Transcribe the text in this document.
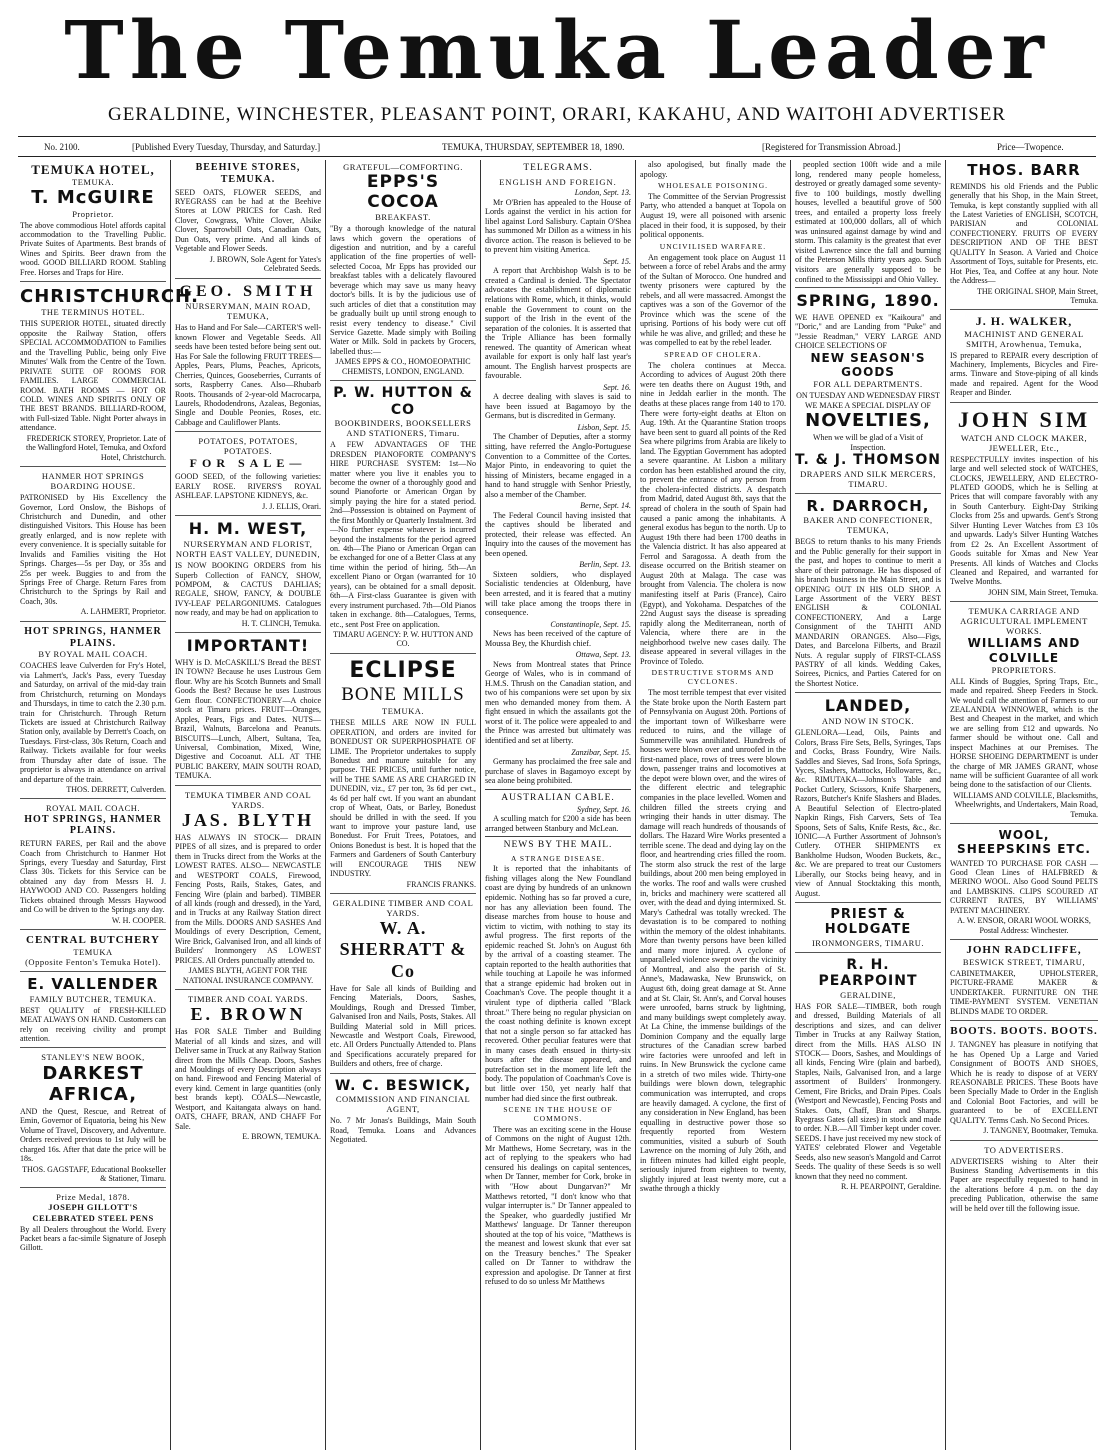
The Temuka Leader
GERALDINE, WINCHESTER, PLEASANT POINT, ORARI, KAKAHU, AND WAITOHI ADVERTISER
No. 2100.	[Published Every Tuesday, Thursday, and Saturday.]	TEMUKA, THURSDAY, SEPTEMBER 18, 1890.	[Registered for Transmission Abroad.]	Price—Twopence.
TEMUKA HOTEL,
TEMUKA.
T. McGUIRE
Proprietor.
The above commodious Hotel affords capital accommodation to the Travelling Public. Private Suites of Apartments. Best brands of Wines and Spirits. Beer drawn from the wood. GOOD BILLIARD ROOM. Stabling Free. Horses and Traps for Hire.
CHRISTCHURCH.
THE TERMINUS HOTEL.
THIS SUPERIOR HOTEL, situated directly opposite the Railway Station, offers SPECIAL ACCOMMODATION to Families and the Travelling Public, being only Five Minutes' Walk from the Centre of the Town. PRIVATE SUITE OF ROOMS FOR FAMILIES. LARGE COMMERCIAL ROOM. BATH ROOMS — HOT OR COLD. WINES AND SPIRITS ONLY OF THE BEST BRANDS. BILLIARD-ROOM, with Full-sized Table. Night Porter always in attendance.
FREDERICK STOREY, Proprietor. Late of the Wallingford Hotel, Temuka, and Oxford Hotel, Christchurch.
HANMER HOT SPRINGS BOARDING HOUSE.
PATRONISED by His Excellency the Governor, Lord Onslow, the Bishops of Christchurch and Dunedin, and other distinguished Visitors. This House has been greatly enlarged, and is now replete with every convenience. It is specially suitable for Invalids and Families visiting the Hot Springs. Charges—5s per Day, or 35s and 25s per week. Buggies to and from the Springs Free of Charge. Return Fares from Christchurch to the Springs by Rail and Coach, 30s.
A. LAHMERT, Proprietor.
HOT SPRINGS, HANMER PLAINS.
BY ROYAL MAIL COACH.
COACHES leave Culverden for Fry's Hotel, via Lahmert's, Jack's Pass, every Tuesday and Saturday, on arrival of the mid-day train from Christchurch, returning on Mondays and Thursdays, in time to catch the 2.30 p.m. train for Christchurch. Through Return Tickets are issued at Christchurch Railway Station only, available by Derrett's Coach, on Tuesdays. First-class, 30s Return, Coach and Railway. Tickets available for four weeks from Thursday after date of issue. The proprietor is always in attendance on arrival and departure of the train.
THOS. DERRETT, Culverden.
ROYAL MAIL COACH.
HOT SPRINGS, HANMER PLAINS.
RETURN FARES, per Rail and the above Coach from Christchurch to Hanmer Hot Springs, every Tuesday and Saturday, First Class 30s. Tickets for this Service can be obtained any day from Messrs H. J. HAYWOOD AND CO. Passengers holding Tickets obtained through Messrs Haywood and Co will be driven to the Springs any day.
W. H. COOPER.
CENTRAL BUTCHERY
TEMUKA
(Opposite Fenton's Temuka Hotel).
E. VALLENDER
FAMILY BUTCHER, TEMUKA.
BEST QUALITY of FRESH-KILLED MEAT ALWAYS ON HAND. Customers can rely on receiving civility and prompt attention.
STANLEY'S NEW BOOK,
DARKEST
AFRICA,
AND the Quest, Rescue, and Retreat of Emin, Governor of Equatoria, being his New Volume of Travel, Discovery, and Adventure. Orders received previous to 1st July will be charged 16s. After that date the price will be 18s.
THOS. GAGSTAFF, Educational Bookseller & Stationer, Timaru.
Prize Medal, 1878.
JOSEPH GILLOTT'S CELEBRATED STEEL PENS
By all Dealers throughout the World. Every Packet bears a fac-simile Signature of Joseph Gillott.
BEEHIVE STORES, TEMUKA.
SEED OATS, FLOWER SEEDS, and RYEGRASS can be had at the Beehive Stores at LOW PRICES for Cash. Red Clover, Cowgrass, White Clover, Alsike Clover, Sparrowbill Oats, Canadian Oats, Dun Oats, very prime. And all kinds of Vegetable and Flower Seeds.
J. BROWN, Sole Agent for Yates's Celebrated Seeds.
GEO. SMITH
NURSERYMAN, MAIN ROAD, TEMUKA,
Has to Hand and For Sale—CARTER'S well-known Flower and Vegetable Seeds. All seeds have been tested before being sent out. Has For Sale the following FRUIT TREES— Apples, Pears, Plums, Peaches, Apricots, Cherries, Quinces, Gooseberries, Currants of sorts, Raspberry Canes. Also—Rhubarb Roots. Thousands of 2-year-old Macrocarpa, Laurels, Rhododendrons, Azaleas, Begonias, Single and Double Peonies, Roses, etc. Cabbage and Cauliflower Plants.
POTATOES, POTATOES, POTATOES.
FOR SALE—
GOOD SEED, of the following varieties: EARLY ROSE. RIVERS'S ROYAL ASHLEAF. LAPSTONE KIDNEYS, &c.
J. J. ELLIS, Orari.
H. M. WEST,
NURSERYMAN AND FLORIST, NORTH EAST VALLEY, DUNEDIN,
IS NOW BOOKING ORDERS from his Superb Collection of FANCY, SHOW, POMPOM, & CACTUS DAHLIAS; REGALE, SHOW, FANCY, & DOUBLE IVY-LEAF PELARGONIUMS. Catalogues now ready, and may be had on application to
H. T. CLINCH, Temuka.
IMPORTANT!
WHY is D. McCASKILL'S Bread the BEST IN TOWN? Because he uses Lustrous Gem flour. Why are his Scotch Bunnets and Small Goods the Best? Because he uses Lustrous Gem flour. CONFECTIONERY—A choice stock at Timaru prices. FRUIT—Oranges, Apples, Pears, Figs and Dates. NUTS—Brazil, Walnuts, Barcelona and Peanuts. BISCUITS—Lunch, Albert, Sultana, Tea, Universal, Combination, Mixed, Wine, Digestive and Cocoanut. ALL AT THE PUBLIC BAKERY, MAIN SOUTH ROAD, TEMUKA.
TEMUKA TIMBER AND COAL YARDS.
JAS. BLYTH
HAS ALWAYS IN STOCK— DRAIN PIPES of all sizes, and is prepared to order them in Trucks direct from the Works at the LOWEST RATES. ALSO— NEWCASTLE and WESTPORT COALS, Firewood, Fencing Posts, Rails, Stakes, Gates, and Fencing Wire (plain and barbed). TIMBER of all kinds (rough and dressed), in the Yard, and in Trucks at any Railway Station direct from the Mills. DOORS AND SASHES And Mouldings of every Description, Cement, Wire Brick, Galvanised Iron, and all kinds of Builders' Ironmongery AS LOWEST PRICES. All Orders punctually attended to.
JAMES BLYTH, AGENT FOR THE NATIONAL INSURANCE COMPANY.
TIMBER AND COAL YARDS.
E. BROWN
Has FOR SALE Timber and Building Material of all kinds and sizes, and will Deliver same in Truck at any Railway Station direct from the Mills Cheap. Doors, Sashes and Mouldings of every Description always on hand. Firewood and Fencing Material of every kind. Cement in large quantities (only best brands kept). COALS—Newcastle, Westport, and Kaitangata always on hand. OATS, CHAFF, BRAN, AND CHAFF For Sale.
E. BROWN, TEMUKA.
GRATEFUL—COMFORTING.
EPPS'S COCOA
BREAKFAST.
"By a thorough knowledge of the natural laws which govern the operations of digestion and nutrition, and by a careful application of the fine properties of well-selected Cocoa, Mr Epps has provided our breakfast tables with a delicately flavoured beverage which may save us many heavy doctor's bills. It is by the judicious use of such articles of diet that a constitution may be gradually built up until strong enough to resist every tendency to disease." Civil Service Gazette. Made simply with Boiling Water or Milk. Sold in packets by Grocers, labelled thus:—
JAMES EPPS & CO., HOMOEOPATHIC CHEMISTS, LONDON, ENGLAND.
P. W. HUTTON & CO
BOOKBINDERS, BOOKSELLERS AND STATIONERS, Timaru.
A FEW ADVANTAGES OF THE DRESDEN PIANOFORTE COMPANY'S HIRE PURCHASE SYSTEM: 1st—No matter where you live it enables you to become the owner of a thoroughly good and sound Pianoforte or American Organ by simply paying the hire for a stated period. 2nd—Possession is obtained on Payment of the first Monthly or Quarterly Instalment. 3rd—No further expense whatever is incurred beyond the instalments for the period agreed on. 4th—The Piano or American Organ can be exchanged for one of a Better Class at any time within the period of hiring. 5th—An excellent Piano or Organ (warranted for 10 years), can be obtained for a small deposit. 6th—A First-class Guarantee is given with every instrument purchased. 7th—Old Pianos taken in exchange. 8th—Catalogues, Terms, etc., sent Post Free on application.
TIMARU AGENCY: P. W. HUTTON AND CO.
ECLIPSE
BONE MILLS
TEMUKA.
THESE MILLS ARE NOW IN FULL OPERATION, and orders are invited for BONEDUST OR SUPERPHOSPHATE OF LIME. The Proprietor undertakes to supply Bonedust and manure suitable for any purpose. THE PRICES, until further notice, will be THE SAME AS ARE CHARGED IN DUNEDIN, viz., £7 per ton, 3s 6d per cwt., 4s 6d per half cwt. If you want an abundant crop of Wheat, Oats, or Barley, Bonedust should be drilled in with the seed. If you want to improve your pasture land, use Bonedust. For Fruit Trees, Potatoes, and Onions Bonedust is best. It is hoped that the Farmers and Gardeners of South Canterbury will ENCOURAGE THIS NEW INDUSTRY.
FRANCIS FRANKS.
GERALDINE TIMBER AND COAL YARDS.
W. A. SHERRATT & Co
Have for Sale all kinds of Building and Fencing Materials, Doors, Sashes, Mouldings, Rough and Dressed Timber, Galvanised Iron and Nails, Posts, Stakes. All Building Material sold in Mill prices. Newcastle and Westport Coals, Firewood, etc. All Orders Punctually Attended to. Plans and Specifications accurately prepared for Builders and others, free of charge.
W. C. BESWICK,
COMMISSION AND FINANCIAL AGENT,
No. 7 Mr Jonas's Buildings, Main South Road, Temuka. Loans and Advances Negotiated.
TELEGRAMS.
ENGLISH AND FOREIGN.
London, Sept. 13.
Mr O'Brien has appealed to the House of Lords against the verdict in his action for libel against Lord Salisbury. Captain O'Shea has summoned Mr Dillon as a witness in his divorce action. The reason is believed to be to prevent him visiting America.
Sept. 15.
A report that Archbishop Walsh is to be created a Cardinal is denied. The Spectator advocates the establishment of diplomatic relations with Rome, which, it thinks, would enable the Government to count on the support of the Irish in the event of the separation of the colonies. It is asserted that the Triple Alliance has been formally renewed. The quantity of American wheat available for export is only half last year's amount. The English harvest prospects are favourable.
Sept. 16.
A decree dealing with slaves is said to have been issued at Bagamoyo by the Germans, but is discredited in Germany.
Lisbon, Sept. 15.
The Chamber of Deputies, after a stormy sitting, have referred the Anglo-Portuguese Convention to a Committee of the Cortes. Major Pinto, in endeavoring to quiet the hissing of Ministers, became engaged in a hand to hand struggle with Senhor Priestly, also a member of the Chamber.
Berne, Sept. 14.
The Federal Council having insisted that the captives should be liberated and protected, their release was effected. An Inquiry into the causes of the movement has been opened.
Berlin, Sept. 13.
Sixteen soldiers, who displayed Socialistic tendencies at Oldenburg, have been arrested, and it is feared that a mutiny will take place among the troops there in consequence.
Constantinople, Sept. 15.
News has been received of the capture of Moussa Bey, the Khurdish chief.
Ottawa, Sept. 13.
News from Montreal states that Prince George of Wales, who is in command of H.M.S. Thrush on the Canadian station, and two of his companions were set upon by six men who demanded money from them. A fight ensued in which the assailants got the worst of it. The police were appealed to and the Prince was arrested but ultimately was identified and set at liberty.
Zanzibar, Sept. 15.
Germany has proclaimed the free sale and purchase of slaves in Bagamoyo except by sea alone being prohibited.
AUSTRALIAN CABLE.
Sydney, Sept. 16.
A sculling match for £200 a side has been arranged between Stanbury and McLean.
NEWS BY THE MAIL.
A STRANGE DISEASE.
It is reported that the inhabitants of fishing villages along the New Foundland coast are dying by hundreds of an unknown epidemic. Nothing has so far proved a cure, nor has any alleviation been found. The disease marches from house to house and victim to victim, with nothing to stay its awful progress. The first reports of the epidemic reached St. John's on August 6th by the arrival of a coasting steamer. The captain reported to the health authorities that while touching at Lapoile he was informed that a strange epidemic had broken out in Coachman's Cove. The people thought it a virulent type of diptheria called "Black throat." There being no regular physician on the coast nothing definite is known except that not a single person so far attacked has recovered. Other peculiar features were that in many cases death ensued in thirty-six hours after the disease appeared, and putrefaction set in the moment life left the body. The population of Coachman's Cove is but little over 150, yet nearly half that number had died since the first outbreak.
SCENE IN THE HOUSE OF COMMONS.
There was an exciting scene in the House of Commons on the night of August 12th. Mr Matthews, Home Secretary, was in the act of replying to the speakers who had censured his dealings on capital sentences, when Dr Tanner, member for Cork, broke in with "How about Dungarvan?" Mr Matthews retorted, "I don't know who that vulgar interrupter is." Dr Tanner appealed to the Speaker, who guardedly justified Mr Matthews' language. Dr Tanner thereupon shouted at the top of his voice, "Matthews is the meanest and lowest skunk that ever sat on the Treasury benches." The Speaker called on Dr Tanner to withdraw the expression and apologise. Dr Tanner at first refused to do so unless Mr Matthews
also apologised, but finally made the apology.
WHOLESALE POISONING.
The Committee of the Servian Progressist Party, who attended a banquet at Topola on August 19, were all poisoned with arsenic placed in their food, it is supposed, by their political opponents.
UNCIVILISED WARFARE.
An engagement took place on August 11 between a force of rebel Arabs and the army of the Sultan of Morocco. One hundred and twenty prisoners were captured by the rebels, and all were massacred. Amongst the captives was a son of the Governor of the Province which was the scene of the uprising. Portions of his body were cut off while he was alive, and grilled; and these he was compelled to eat by the rebel leader.
SPREAD OF CHOLERA.
The cholera continues at Mecca. According to advices of August 20th there were ten deaths there on August 19th, and nine in Jeddah earlier in the month. The deaths at these places range from 140 to 170. There were forty-eight deaths at Elton on Aug. 19th. At the Quarantine Station troops have been sent to guard all points of the Red Sea where pilgrims from Arabia are likely to land. The Egyptian Government has adopted a severe quarantine. At Lisbon a military cordon has been established around the city, to prevent the entrance of any person from the cholera-infected districts. A despatch from Madrid, dated August 8th, says that the spread of cholera in the south of Spain had caused a panic among the inhabitants. A general exodus has begun to the north. Up to August 19th there had been 1700 deaths in the Valencia district. It has also appeared at Ferrol and Saragossa. A death from the disease occurred on the British steamer on August 20th at Malaga. The case was brought from Valencia. The cholera is now manifesting itself at Paris (France), Cairo (Egypt), and Yokohama. Despatches of the 22nd August says the disease is spreading rapidly along the Mediterranean, north of Valencia, where there are in the neighborhood twelve new cases daily. The disease appeared in several villages in the Province of Toledo.
DESTRUCTIVE STORMS AND CYCLONES.
The most terrible tempest that ever visited the State broke upon the North Eastern part of Pennsylvania on August 20th. Portions of the important town of Wilkesbarre were reduced to ruins, and the village of Summerville was annihilated. Hundreds of houses were blown over and unroofed in the first-named place, rows of trees were blown down, passenger trains and locomotives at the depot were blown over, and the wires of the different electric and telegraphic companies in the place levelled. Women and children filled the streets crying and wringing their hands in utter dismay. The damage will reach hundreds of thousands of dollars. The Hazard Wire Works presented a terrible scene. The dead and dying lay on the floor, and heartrending cries filled the room. The storm also struck the rest of the large buildings, about 200 men being employed in the works. The roof and walls were crushed in, bricks and machinery were scattered all over, with the dead and dying intermixed. St. Mary's Cathedral was totally wrecked. The devastation is to be compared to nothing within the memory of the oldest inhabitants. More than twenty persons have been killed and many more injured. A cyclone of unparalleled violence swept over the vicinity of Montreal, and also the parish of St. Anne's, Madawaska, New Brunswick, on August 6th, doing great damage at St. Anne and at St. Clair, St. Ann's, and Corval houses were unroofed, barns struck by lightning, and many buildings swept completely away. At La Chine, the immense buildings of the Dominion Company and the equally large structures of the Canadian screw barbed wire factories were unroofed and left in ruins. In New Brunswick the cyclone came in a stretch of two miles wide. Thirty-one buildings were blown down, telegraphic communication was interrupted, and crops are heavily damaged. A cyclone, the first of any consideration in New England, has been equalling in destructive power those so frequently reported from Western communities, visited a suburb of South Lawrence on the morning of July 26th, and in fifteen minutes had killed eight people, seriously injured from eighteen to twenty, slightly injured at least twenty more, cut a swathe through a thickly
peopled section 100ft wide and a mile long, rendered many people homeless, destroyed or greatly damaged some seventy-five to 100 buildings, mostly dwelling houses, levelled a beautiful grove of 500 trees, and entailed a property loss freely estimated at 100,000 dollars, all of which was uninsured against damage by wind and storm. This calamity is the greatest that ever visited Lawrence since the fall and burning of the Peterson Mills thirty years ago. Such visitors are generally supposed to be confined to the Mississippi and Ohio Valley.
SPRING, 1890.
WE HAVE OPENED ex "Kaikoura" and "Doric," and are Landing from "Puke" and "Jessie Readman," VERY LARGE AND CHOICE SELECTIONS OF
NEW SEASON'S GOODS
FOR ALL DEPARTMENTS.
ON TUESDAY AND WEDNESDAY FIRST WE MAKE A SPECIAL DISPLAY OF
NOVELTIES,
When we will be glad of a Visit of Inspection.
T. & J. THOMSON
DRAPERS AND SILK MERCERS, TIMARU.
R. DARROCH,
BAKER AND CONFECTIONER, TEMUKA,
BEGS to return thanks to his many Friends and the Public generally for their support in the past, and hopes to continue to merit a share of their patronage. He has disposed of his branch business in the Main Street, and is OPENING OUT IN HIS OLD SHOP. A Large Assortment of the VERY BEST ENGLISH & COLONIAL CONFECTIONERY, And a Large Consignment of the TAHITI AND MANDARIN ORANGES. Also—Figs, Dates, and Barcelona Filberts, and Brazil Nuts. A regular supply of FIRST-CLASS PASTRY of all kinds. Wedding Cakes, Soirees, Picnics, and Parties Catered for on the Shortest Notice.
LANDED,
AND NOW IN STOCK.
GLENLORA—Lead, Oils, Paints and Colors, Brass Fire Sets, Bells, Syringes, Taps and Cocks, Brass Foundry, Wire Nails. Saddles and Sieves, Sad Irons, Sofa Springs, Vyces, Slashers, Mattocks, Hollowares, &c., &c. RIMUTAKA—Johnson's Table and Pocket Cutlery, Scissors, Knife Sharpeners, Razors, Butcher's Knife Slashers and Blades. A Beautiful Selection of Electro-plated Napkin Rings, Fish Carvers, Sets of Tea Spoons, Sets of Salts, Knife Rests, &c., &c. IONIC—A Further Assortment of Johnson's Cutlery. OTHER SHIPMENTS ex Bankholme Hudson, Wooden Buckets, &c., &c. We are prepared to treat our Customers Liberally, our Stocks being heavy, and in view of Annual Stocktaking this month, August.
PRIEST & HOLDGATE
IRONMONGERS, TIMARU.
R. H. PEARPOINT
GERALDINE,
HAS FOR SALE—TIMBER, both rough and dressed, Building Materials of all descriptions and sizes, and can deliver Timber in Trucks at any Railway Station, direct from the Mills. HAS ALSO IN STOCK— Doors, Sashes, and Mouldings of all kinds, Fencing Wire (plain and barbed), Staples, Nails, Galvanised Iron, and a large assortment of Builders' Ironmongery. Cement, Fire Bricks, and Drain Pipes. Coals (Westport and Newcastle), Fencing Posts and Stakes. Oats, Chaff, Bran and Sharps. Ryegrass Gates (all sizes) in stock and made to order. N.B.—All Timber kept under cover. SEEDS. I have just received my new stock of YATES' celebrated Flower and Vegetable Seeds, also new season's Mangold and Carrot Seeds. The quality of these Seeds is so well known that they need no comment.
R. H. PEARPOINT, Geraldine.
THOS. BARR
REMINDS his old Friends and the Public generally that his Shop, in the Main Street, Temuka, is kept constantly supplied with all the Latest Varieties of ENGLISH, SCOTCH, PARISIAN and COLONIAL CONFECTIONERY. FRUITS OF EVERY DESCRIPTION AND OF THE BEST QUALITY In Season. A Varied and Choice Assortment of Toys, suitable for Presents, etc. Hot Pies, Tea, and Coffee at any hour. Note the Address—
THE ORIGINAL SHOP, Main Street, Temuka.
J. H. WALKER,
MACHINIST AND GENERAL SMITH, Arowhenua, Temuka,
IS prepared to REPAIR every description of Machinery, Implements, Bicycles and Fire-arms. Tinware and Stove-piping of all kinds made and repaired. Agent for the Wood Reaper and Binder.
JOHN SIM
WATCH AND CLOCK MAKER, JEWELLER, Etc.,
RESPECTFULLY invites inspection of his large and well selected stock of WATCHES, CLOCKS, JEWELLERY, AND ELECTRO-PLATED GOODS, which he is Selling at Prices that will compare favorably with any in South Canterbury. Eight-Day Striking Clocks from 25s and upwards. Gent's Strong Silver Hunting Lever Watches from £3 10s and upwards. Lady's Silver Hunting Watches from £2 2s. An Excellent Assortment of Goods suitable for Xmas and New Year Presents. All kinds of Watches and Clocks Cleaned and Repaired, and warranted for Twelve Months.
JOHN SIM, Main Street, Temuka.
TEMUKA CARRIAGE AND AGRICULTURAL IMPLEMENT WORKS.
WILLIAMS AND COLVILLE
PROPRIETORS.
ALL Kinds of Buggies, Spring Traps, Etc., made and repaired. Sheep Feeders in Stock. We would call the attention of Farmers to our ZEALANDIA WINNOWER, which is the Best and Cheapest in the market, and which we are selling from £12 and upwards. No farmer should be without one. Call and inspect Machines at our Premises. The HORSE SHOEING DEPARTMENT is under the charge of MR JAMES GRANT, whose name will be sufficient Guarantee of all work being done to the satisfaction of our Clients.
WILLIAMS AND COLVILLE, Blacksmiths, Wheelwrights, and Undertakers, Main Road, Temuka.
WOOL, SHEEPSKINS ETC.
WANTED TO PURCHASE FOR CASH — Good Clean Lines of HALFBRED & MERINO WOOL. Also Good Sound PELTS and LAMBSKINS. CLIPS SCOURED AT CURRENT RATES, BY WILLIAMS' PATENT MACHINERY.
A. W. ENSOR, ORARI WOOL WORKS, Postal Address: Winchester.
JOHN RADCLIFFE,
BESWICK STREET, TIMARU,
CABINETMAKER, UPHOLSTERER, PICTURE-FRAME MAKER & UNDERTAKER. FURNITURE ON THE TIME-PAYMENT SYSTEM. VENETIAN BLINDS MADE TO ORDER.
BOOTS. BOOTS. BOOTS.
J. TANGNEY has pleasure in notifying that he has Opened Up a Large and Varied Consignment of BOOTS AND SHOES, Which he is ready to dispose of at VERY REASONABLE PRICES. These Boots have been Specially Made to Order in the English and Colonial Boot Factories, and will be guaranteed to be of EXCELLENT QUALITY. Terms Cash. No Second Prices.
J. TANGNEY, Bootmaker, Temuka.
TO ADVERTISERS.
ADVERTISERS wishing to Alter their Business Standing Advertisements in this Paper are respectfully requested to hand in the alterations before 4 p.m. on the day preceding Publication, otherwise the same will be held over till the following issue.
